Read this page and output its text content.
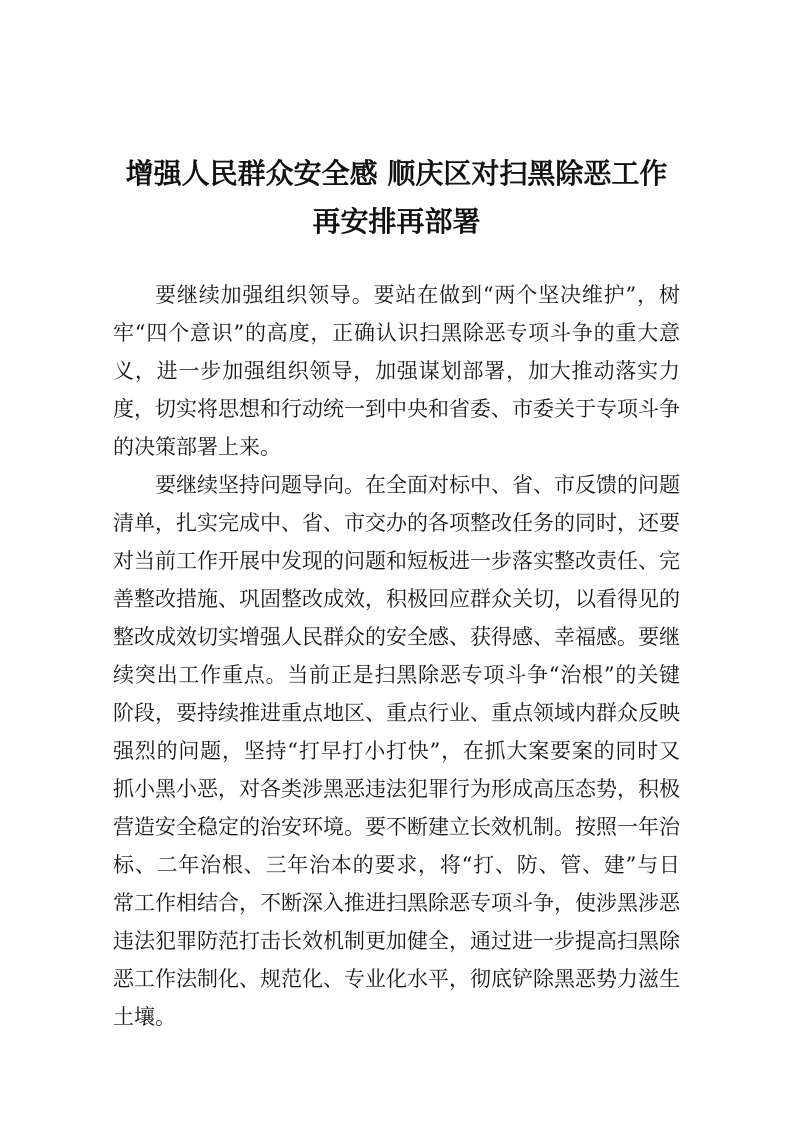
增强人民群众安全感 顺庆区对扫黑除恶工作再安排再部署

要继续加强组织领导。要站在做到“两个坚决维护”，树牢“四个意识”的高度，正确认识扫黑除恶专项斗争的重大意义，进一步加强组织领导，加强谋划部署，加大推动落实力度，切实将思想和行动统一到中央和省委、市委关于专项斗争的决策部署上来。

要继续坚持问题导向。在全面对标中、省、市反馈的问题清单，扎实完成中、省、市交办的各项整改任务的同时，还要对当前工作开展中发现的问题和短板进一步落实整改责任、完善整改措施、巩固整改成效，积极回应群众关切，以看得见的整改成效切实增强人民群众的安全感、获得感、幸福感。要继续突出工作重点。当前正是扫黑除恶专项斗争“治根”的关键阶段，要持续推进重点地区、重点行业、重点领域内群众反映强烈的问题，坚持“打早打小打快”，在抓大案要案的同时又抓小黑小恶，对各类涉黑恶违法犯罪行为形成高压态势，积极营造安全稳定的治安环境。要不断建立长效机制。按照一年治标、二年治根、三年治本的要求，将“打、防、管、建”与日常工作相结合，不断深入推进扫黑除恶专项斗争，使涉黑涉恶违法犯罪防范打击长效机制更加健全，通过进一步提高扫黑除恶工作法制化、规范化、专业化水平，彻底铲除黑恶势力滋生土壤。
